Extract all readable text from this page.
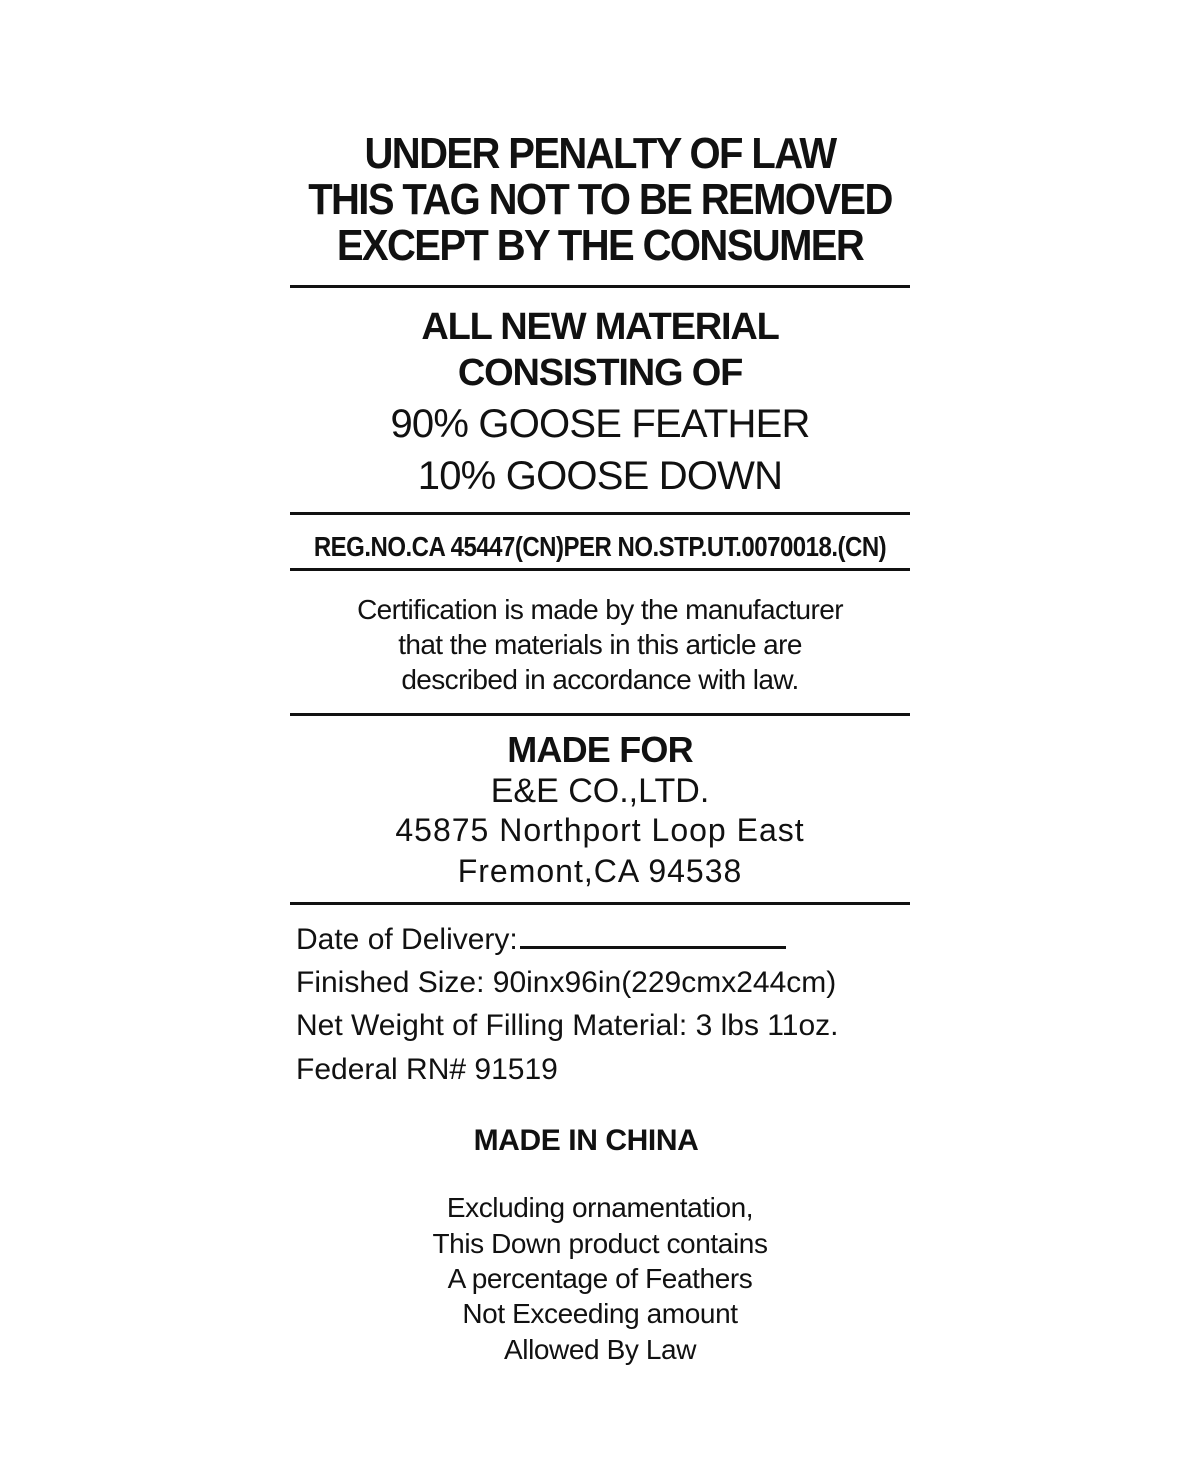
UNDER PENALTY OF LAW
THIS TAG NOT TO BE REMOVED
EXCEPT BY THE CONSUMER
ALL NEW MATERIAL
CONSISTING OF
90% GOOSE FEATHER
10% GOOSE DOWN
REG.NO.CA 45447(CN)PER NO.STP.UT.0070018.(CN)
Certification is made by the manufacturer
that the materials in this article are
described in accordance with law.
MADE FOR
E&E CO.,LTD.
45875 Northport Loop East
Fremont,CA 94538
Date of Delivery:
Finished Size: 90inx96in(229cmx244cm)
Net Weight of Filling Material: 3 lbs 11oz.
Federal RN# 91519
MADE IN CHINA
Excluding ornamentation,
This Down product contains
A percentage of Feathers
Not Exceeding amount
Allowed By Law
